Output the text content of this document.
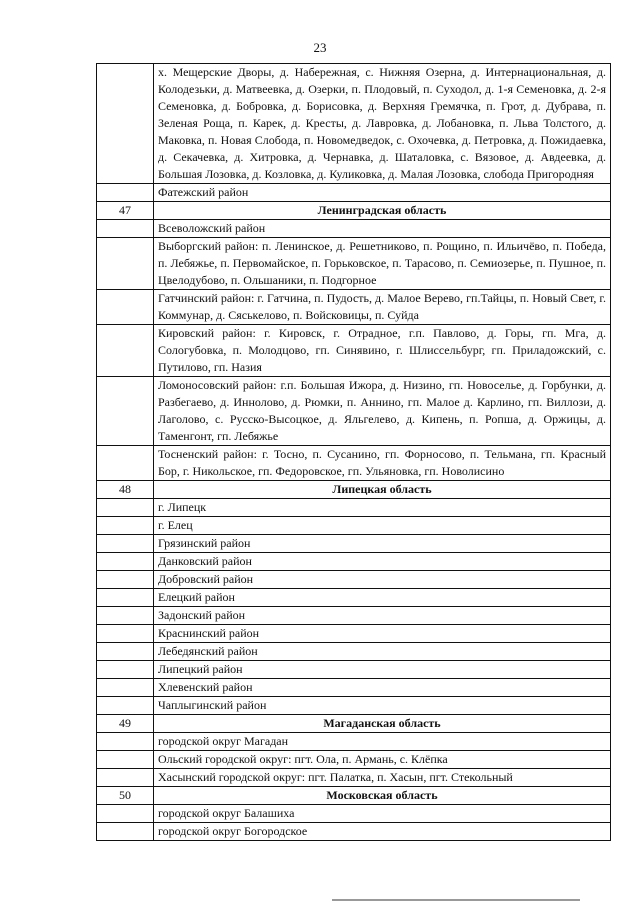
23
	х. Мещерские Дворы, д. Набережная, с. Нижняя Озерна, д. Интернациональная, д. Колодезьки, д. Матвеевка, д. Озерки, п. Плодовый, п. Суходол, д. 1-я Семеновка, д. 2-я Семеновка, д. Бобровка, д. Борисовка, д. Верхняя Гремячка, п. Грот, д. Дубрава, п. Зеленая Роща, п. Карек, д. Кресты, д. Лавровка, д. Лобановка, п. Льва Толстого, д. Маковка, п. Новая Слобода, п. Новомедведок, с. Охочевка, д. Петровка, д. Пожидаевка, д. Секачевка, д. Хитровка, д. Чернавка, д. Шаталовка, с. Вязовое, д. Авдеевка, д. Большая Лозовка, д. Козловка, д. Куликовка, д. Малая Лозовка, слобода Пригородняя
	Фатежский район
47	Ленинградская область
	Всеволожский район
	Выборгский район: п. Ленинское, д. Решетниково, п. Рощино, п. Ильичёво, п. Победа, п. Лебяжье, п. Первомайское, п. Горьковское, п. Тарасово, п. Семиозерье, п. Пушное, п. Цвелодубово, п. Ольшаники, п. Подгорное
	Гатчинский район: г. Гатчина, п. Пудость, д. Малое Верево, гп.Тайцы, п. Новый Свет, г. Коммунар, д. Сяськелово, п. Войсковицы, п. Суйда
	Кировский район: г. Кировск, г. Отрадное, г.п. Павлово, д. Горы, гп. Мга, д. Сологубовка, п. Молодцово, гп. Синявино, г. Шлиссельбург, гп. Приладожский, с. Путилово, гп. Назия
	Ломоносовский район: г.п. Большая Ижора, д. Низино, гп. Новоселье, д. Горбунки, д. Разбегаево, д. Иннолово, д. Рюмки, п. Аннино, гп. Малое д. Карлино, гп. Виллози, д. Лаголово, с. Русско-Высоцкое, д. Яльгелево, д. Кипень, п. Ропша, д. Оржицы, д. Таменгонт, гп. Лебяжье
	Тосненский район: г. Тосно, п. Сусанино, гп. Форносово, п. Тельмана, гп. Красный Бор, г. Никольское, гп. Федоровское, гп. Ульяновка, гп. Новолисино
48	Липецкая область
	г. Липецк
	г. Елец
	Грязинский район
	Данковский район
	Добровский район
	Елецкий район
	Задонский район
	Краснинский район
	Лебедянский район
	Липецкий район
	Хлевенский район
	Чаплыгинский район
49	Магаданская область
	городской округ Магадан
	Ольский городской округ: пгт. Ола, п. Армань, с. Клёпка
	Хасынский городской округ: пгт. Палатка, п. Хасын, пгт. Стекольный
50	Московская область
	городской округ Балашиха
	городской округ Богородское
